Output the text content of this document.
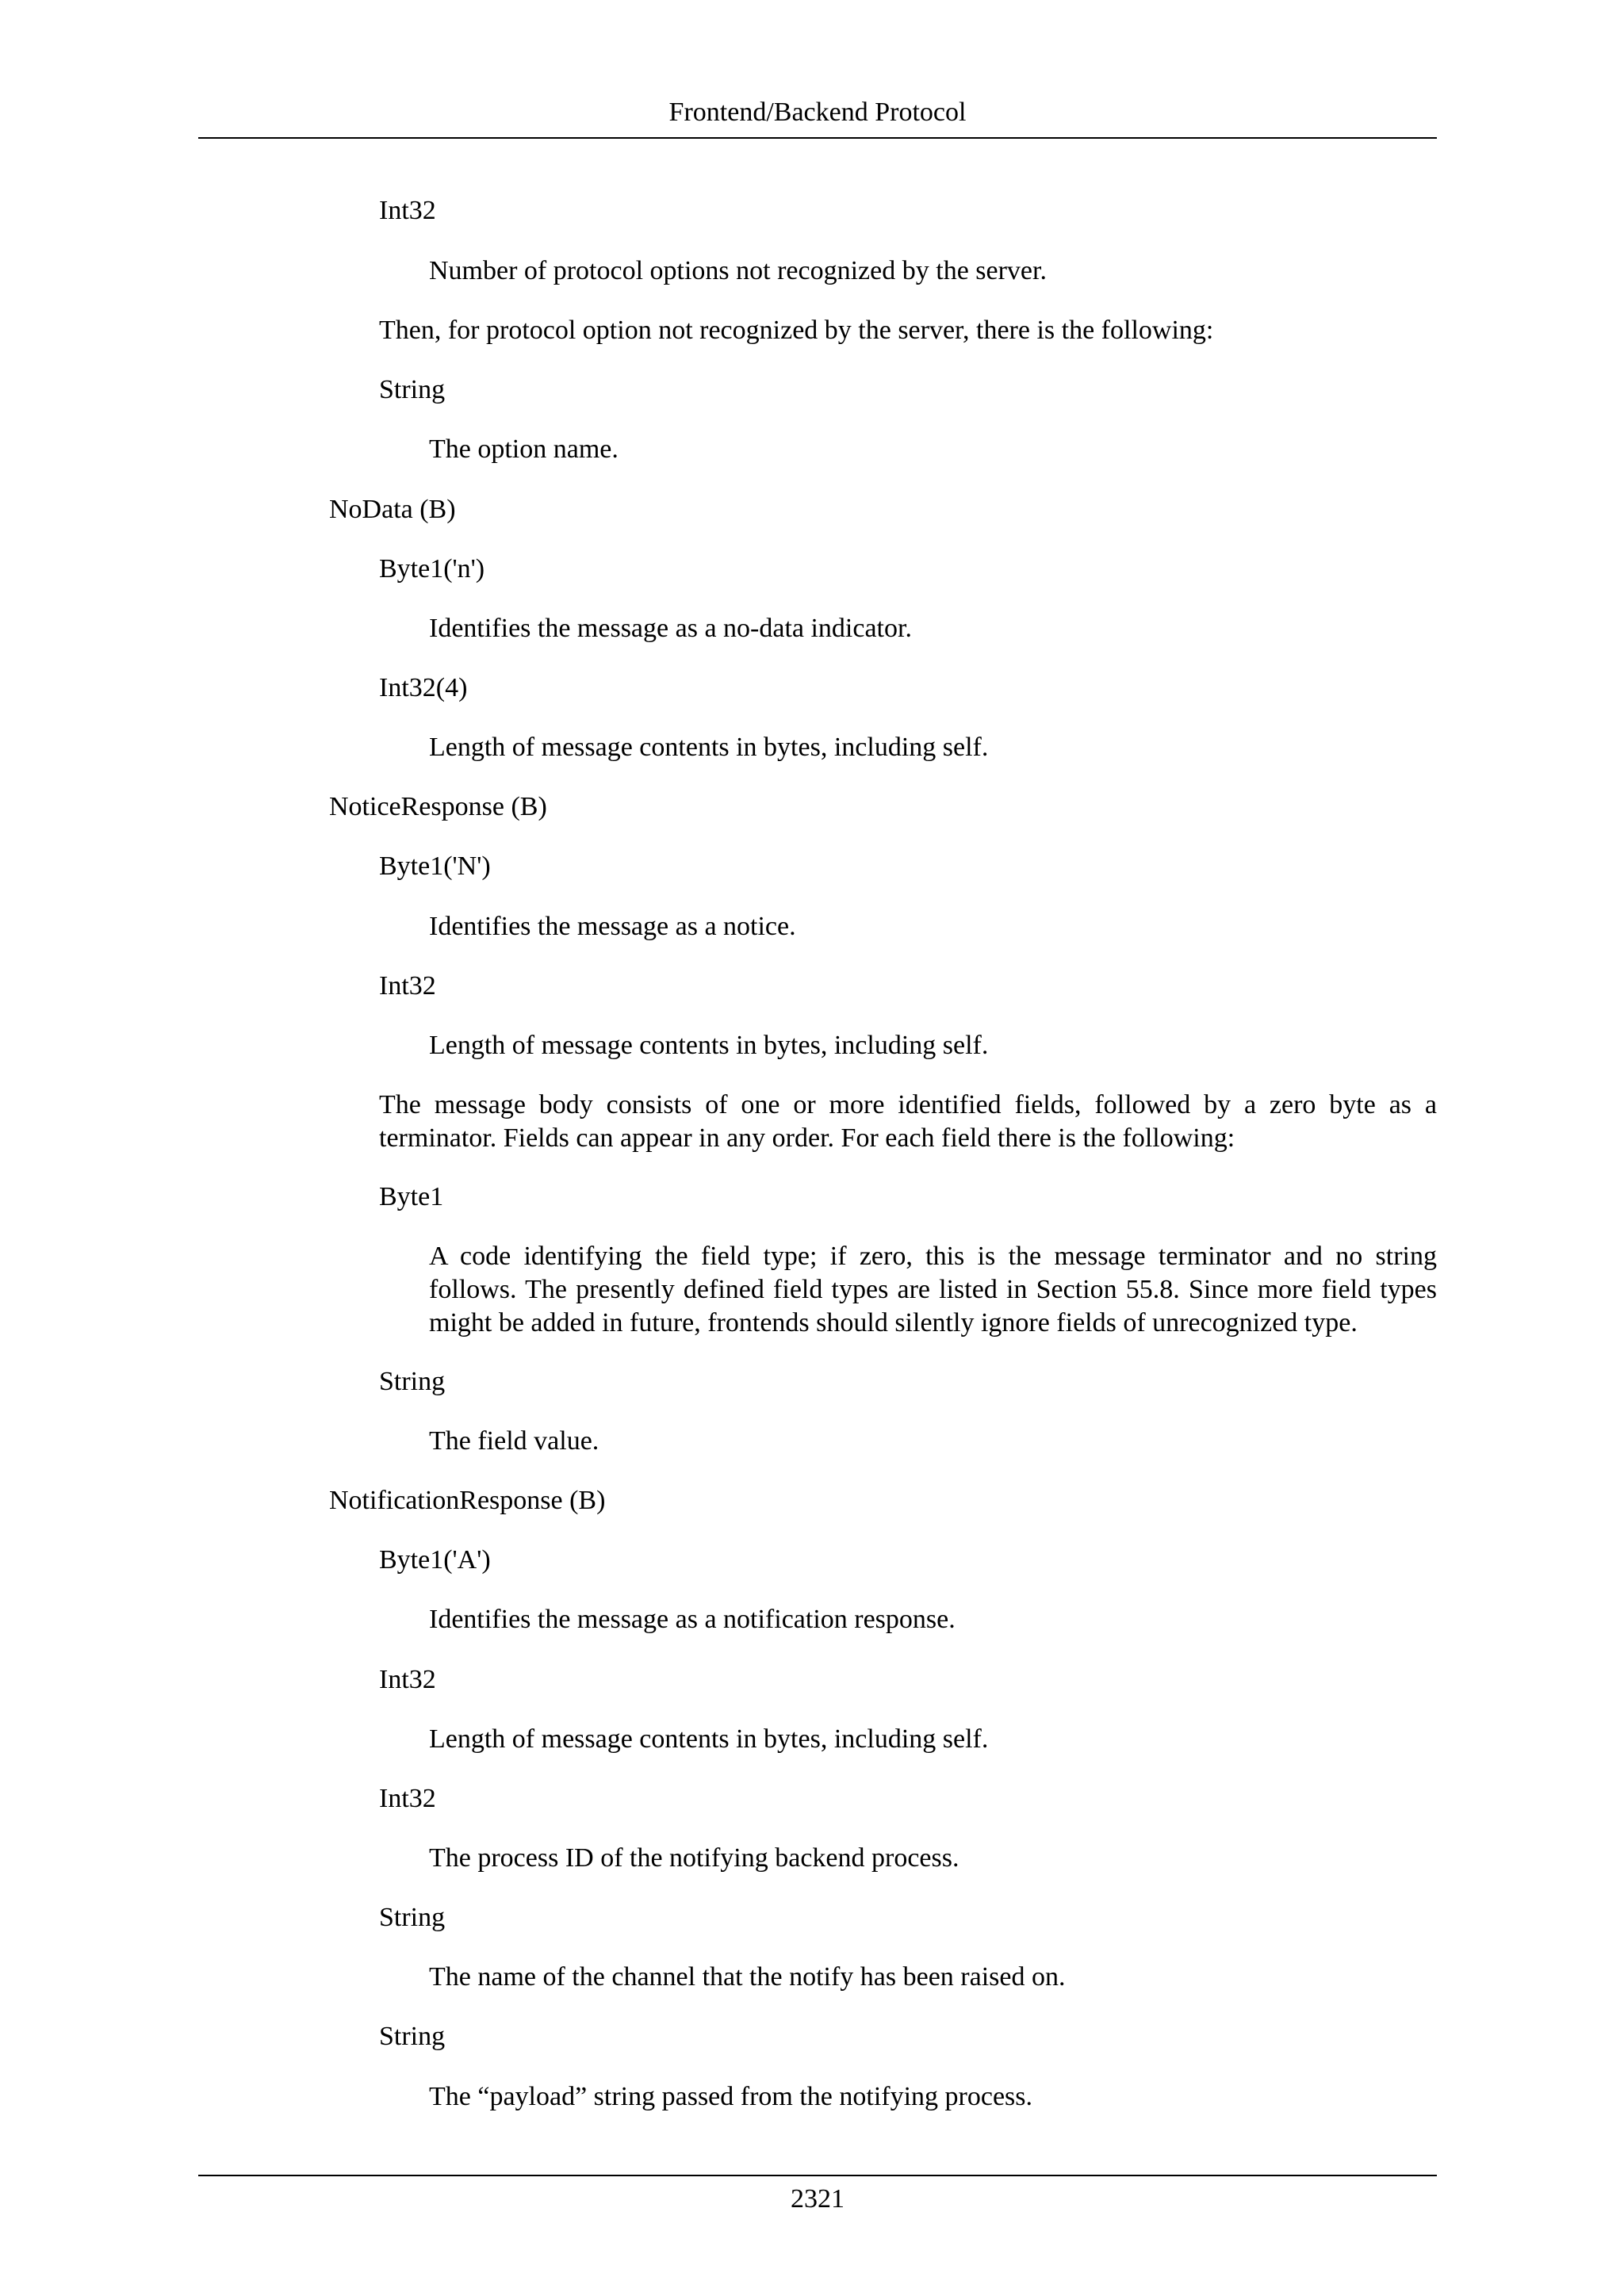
Frontend/Backend Protocol

Int32

Number of protocol options not recognized by the server.

Then, for protocol option not recognized by the server, there is the following:

String

The option name.

NoData (B)

Byte1('n')

Identifies the message as a no-data indicator.

Int32(4)

Length of message contents in bytes, including self.

NoticeResponse (B)

Byte1('N')

Identifies the message as a notice.

Int32

Length of message contents in bytes, including self.

The message body consists of one or more identified fields, followed by a zero byte as a terminator. Fields can appear in any order. For each field there is the following:

Byte1

A code identifying the field type; if zero, this is the message terminator and no string follows. The presently defined field types are listed in Section 55.8. Since more field types might be added in future, frontends should silently ignore fields of unrecognized type.

String

The field value.

NotificationResponse (B)

Byte1('A')

Identifies the message as a notification response.

Int32

Length of message contents in bytes, including self.

Int32

The process ID of the notifying backend process.

String

The name of the channel that the notify has been raised on.

String

The “payload” string passed from the notifying process.

2321
